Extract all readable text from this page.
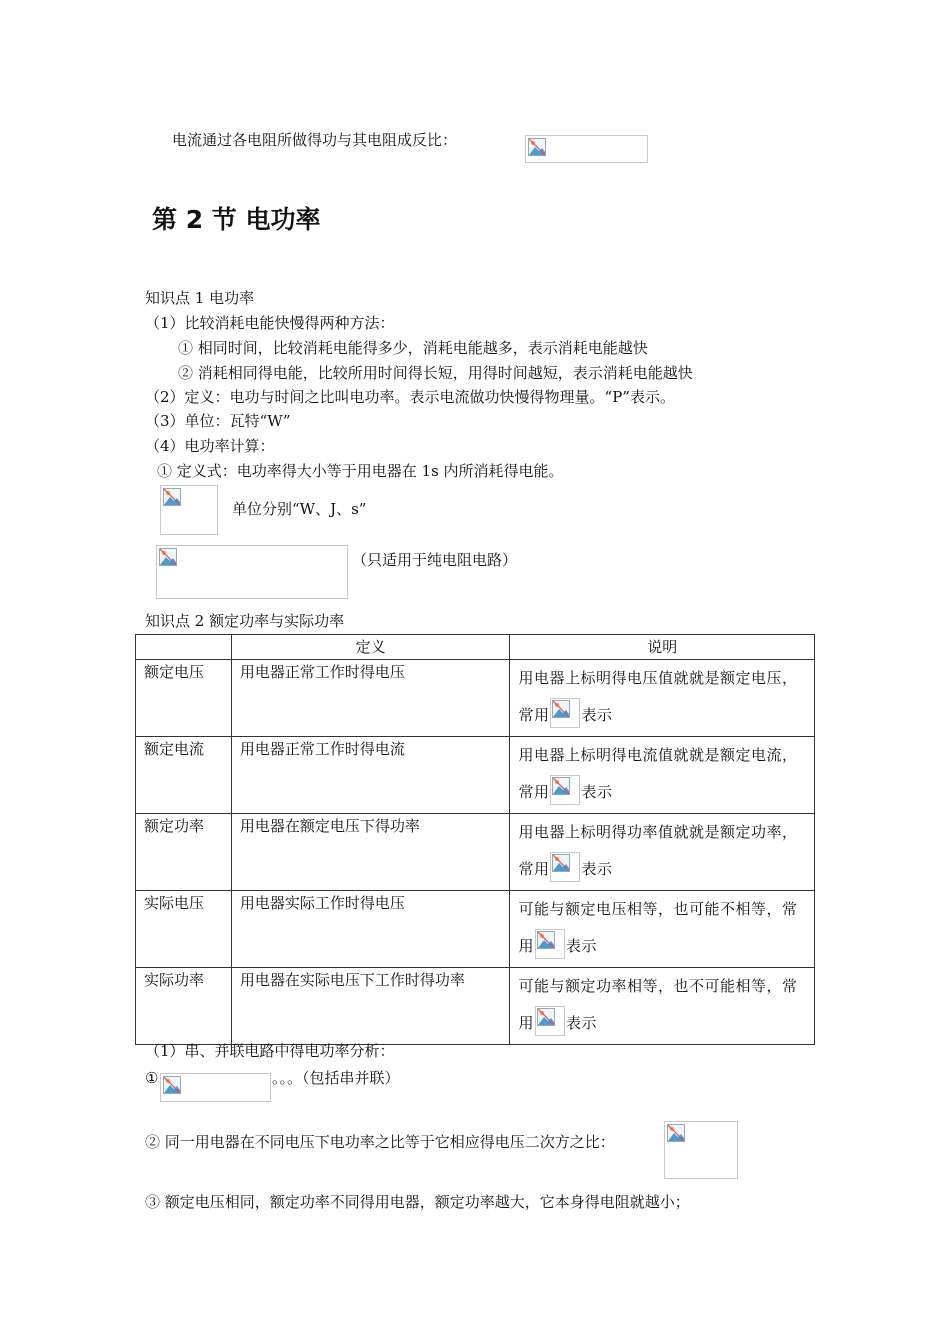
电流通过各电阻所做得功与其电阻成反比：
第 2 节 电功率
知识点 1 电功率
（1）比较消耗电能快慢得两种方法：
① 相同时间，比较消耗电能得多少，消耗电能越多，表示消耗电能越快
② 消耗相同得电能，比较所用时间得长短，用得时间越短，表示消耗电能越快
（2）定义：电功与时间之比叫电功率。表示电流做功快慢得物理量。“P”表示。
（3）单位：瓦特“W”
（4）电功率计算：
① 定义式：电功率得大小等于用电器在 1s 内所消耗得电能。
单位分别“W、J、s”
（只适用于纯电阻电路）
知识点 2 额定功率与实际功率
	定义	说明
额定电压	用电器正常工作时得电压	用电器上标明得电压值就就是额定电压，常用 表示
额定电流	用电器正常工作时得电流	用电器上标明得电流值就就是额定电流，常用 表示
额定功率	用电器在额定电压下得功率	用电器上标明得功率值就就是额定功率，常用 表示
实际电压	用电器实际工作时得电压	可能与额定电压相等，也可能不相等，常用 表示
实际功率	用电器在实际电压下工作时得功率	可能与额定功率相等，也不可能相等，常用 表示
（1）串、并联电路中得电功率分析：
①	。。。（包括串并联）
② 同一用电器在不同电压下电功率之比等于它相应得电压二次方之比：
③ 额定电压相同，额定功率不同得用电器，额定功率越大，它本身得电阻就越小；
